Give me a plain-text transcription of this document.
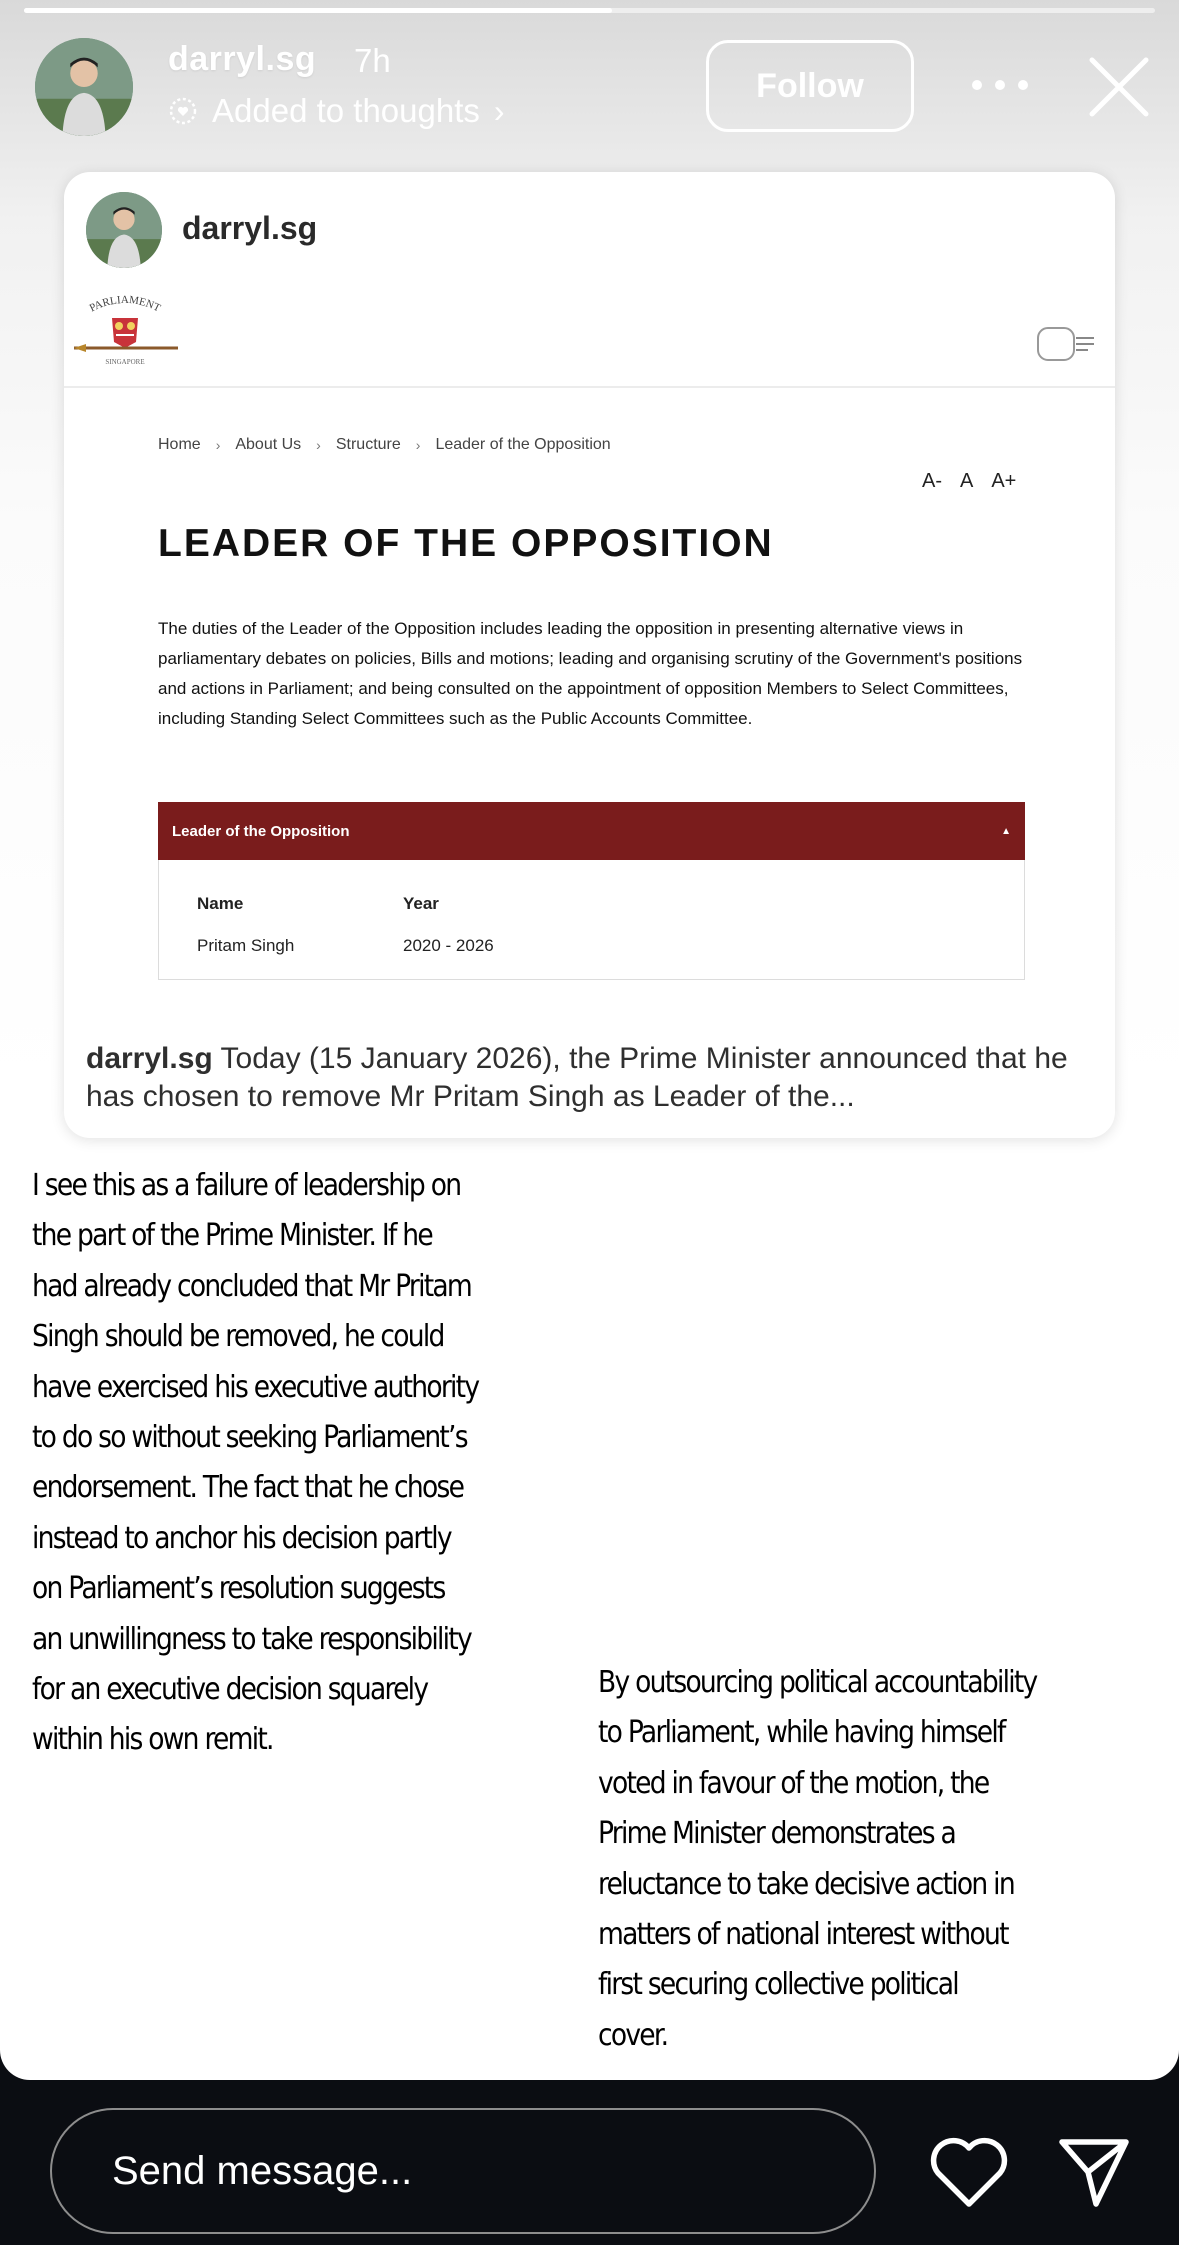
darryl.sg 7h
Added to thoughts ›
Follow
darryl.sg
PARLIAMENT
SINGAPORE
Home › About Us › Structure › Leader of the Opposition
A- A A+
LEADER OF THE OPPOSITION
The duties of the Leader of the Opposition includes leading the opposition in presenting alternative views in parliamentary debates on policies, Bills and motions; leading and organising scrutiny of the Government's positions and actions in Parliament; and being consulted on the appointment of opposition Members to Select Committees, including Standing Select Committees such as the Public Accounts Committee.
Leader of the Opposition	▲
Name	Year
Pritam Singh	2020 - 2026
darryl.sg Today (15 January 2026), the Prime Minister announced that he has chosen to remove Mr Pritam Singh as Leader of the...
I see this as a failure of leadership on
the part of the Prime Minister. If he
had already concluded that Mr Pritam
Singh should be removed, he could
have exercised his executive authority
to do so without seeking Parliament’s
endorsement. The fact that he chose
instead to anchor his decision partly
on Parliament’s resolution suggests
an unwillingness to take responsibility
for an executive decision squarely
within his own remit.
By outsourcing political accountability
to Parliament, while having himself
voted in favour of the motion, the
Prime Minister demonstrates a
reluctance to take decisive action in
matters of national interest without
first securing collective political
cover.
Send message...
